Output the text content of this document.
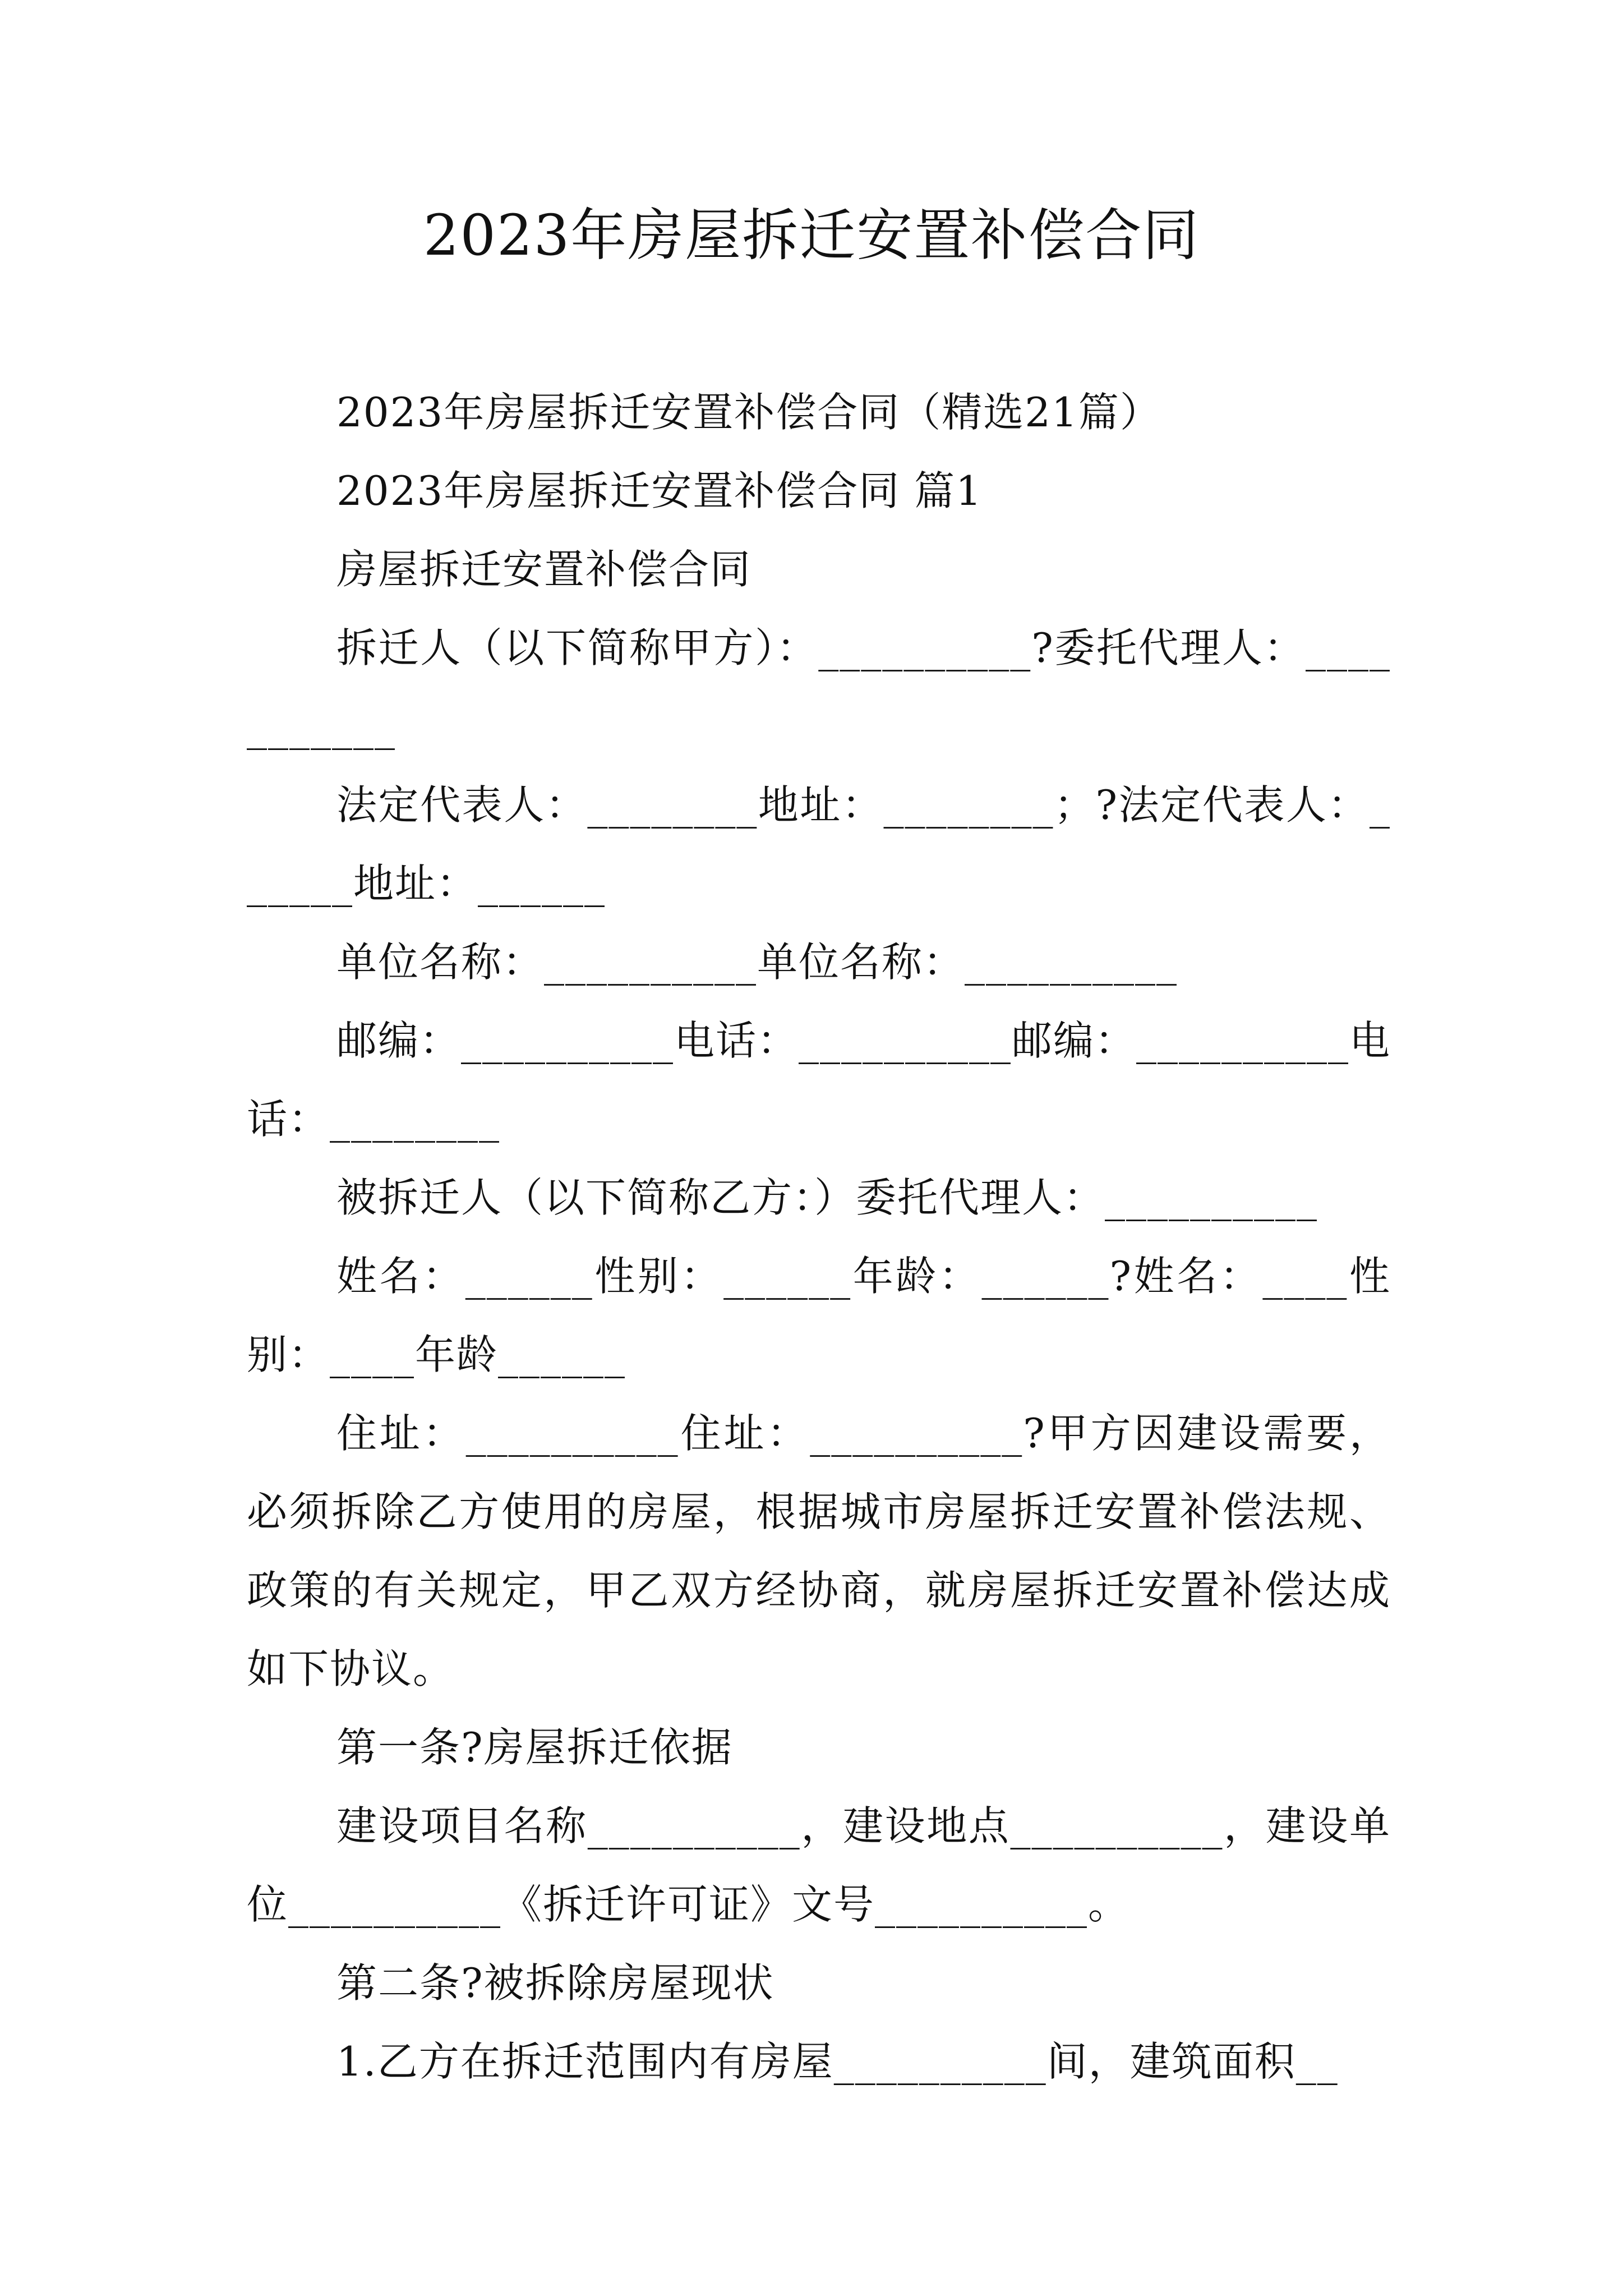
2023年房屋拆迁安置补偿合同

2023年房屋拆迁安置补偿合同（精选21篇）

2023年房屋拆迁安置补偿合同 篇1

房屋拆迁安置补偿合同

拆迁人（以下简称甲方）：__________?委托代理人：___________

法定代表人：________地址：________；?法定代表人：______地址：______

单位名称：__________单位名称：__________

邮编：__________电话：__________邮编：__________电话：________

被拆迁人（以下简称乙方：）委托代理人：__________

姓名：______性别：______年龄：______?姓名：____性别：____年龄______

住址：__________住址：__________?甲方因建设需要，必须拆除乙方使用的房屋，根据城市房屋拆迁安置补偿法规、政策的有关规定，甲乙双方经协商，就房屋拆迁安置补偿达成如下协议。

第一条?房屋拆迁依据

建设项目名称__________，建设地点__________，建设单位__________《拆迁许可证》文号__________。

第二条?被拆除房屋现状

1.乙方在拆迁范围内有房屋__________间，建筑面积__
